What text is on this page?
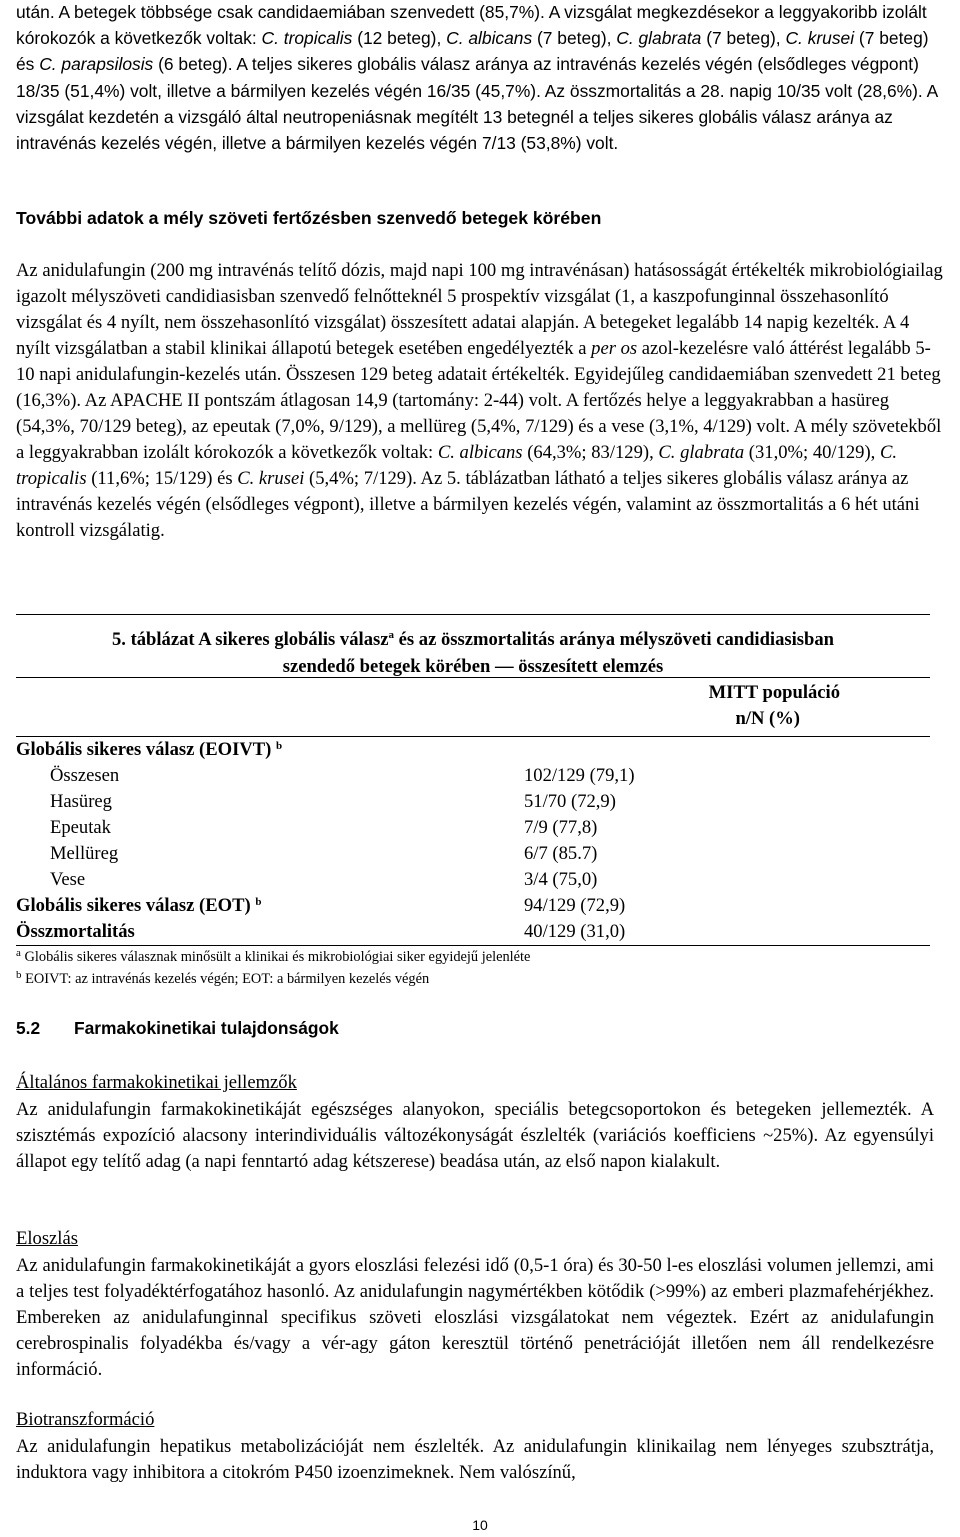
után. A betegek többsége csak candidaemiában szenvedett (85,7%). A vizsgálat megkezdésekor a leggyakoribb izolált kórokozók a következők voltak: C. tropicalis (12 beteg), C. albicans (7 beteg), C. glabrata (7 beteg), C. krusei (7 beteg) és C. parapsilosis (6 beteg). A teljes sikeres globális válasz aránya az intravénás kezelés végén (elsődleges végpont) 18/35 (51,4%) volt, illetve a bármilyen kezelés végén 16/35 (45,7%). Az összmortalitás a 28. napig 10/35 volt (28,6%). A vizsgálat kezdetén a vizsgáló által neutropeniásnak megítélt 13 betegnél a teljes sikeres globális válasz aránya az intravénás kezelés végén, illetve a bármilyen kezelés végén 7/13 (53,8%) volt.

További adatok a mély szöveti fertőzésben szenvedő betegek körében

Az anidulafungin (200 mg intravénás telítő dózis, majd napi 100 mg intravénásan) hatásosságát értékelték mikrobiológiailag igazolt mélyszöveti candidiasisban szenvedő felnőtteknél 5 prospektív vizsgálat (1, a kaszpofunginnal összehasonlító vizsgálat és 4 nyílt, nem összehasonlító vizsgálat) összesített adatai alapján. A betegeket legalább 14 napig kezelték. A 4 nyílt vizsgálatban a stabil klinikai állapotú betegek esetében engedélyezték a per os azol-kezelésre való áttérést legalább 5-10 napi anidulafungin-kezelés után. Összesen 129 beteg adatait értékelték. Egyidejűleg candidaemiában szenvedett 21 beteg (16,3%). Az APACHE II pontszám átlagosan 14,9 (tartomány: 2-44) volt. A fertőzés helye a leggyakrabban a hasüreg (54,3%, 70/129 beteg), az epeutak (7,0%, 9/129), a mellüreg (5,4%, 7/129) és a vese (3,1%, 4/129) volt. A mély szövetekből a leggyakrabban izolált kórokozók a következők voltak: C. albicans (64,3%; 83/129), C. glabrata (31,0%; 40/129), C. tropicalis (11,6%; 15/129) és C. krusei (5,4%; 7/129). Az 5. táblázatban látható a teljes sikeres globális válasz aránya az intravénás kezelés végén (elsődleges végpont), illetve a bármilyen kezelés végén, valamint az összmortalitás a 6 hét utáni kontroll vizsgálatig.

5. táblázat A sikeres globális válasz$^a$ és az összmortalitás aránya mélyszöveti candidiasisban
szendedő betegek körében — összesített elemzés
MITT populáció
n/N (%)
Globális sikeres válasz (EOIVT) $^b$
Összesen	102/129 (79,1)
Hasüreg	51/70 (72,9)
Epeutak	7/9 (77,8)
Mellüreg	6/7 (85.7)
Vese	3/4 (75,0)
Globális sikeres válasz (EOT) $^b$	94/129 (72,9)
Összmortalitás	40/129 (31,0)
$^a$ Globális sikeres válasznak minősült a klinikai és mikrobiológiai siker egyidejű jelenléte
$^b$ EOIVT: az intravénás kezelés végén; EOT: a bármilyen kezelés végén
5.2 Farmakokinetikai tulajdonságok
Általános farmakokinetikai jellemzők

Az anidulafungin farmakokinetikáját egészséges alanyokon, speciális betegcsoportokon és betegeken jellemezték. A szisztémás expozíció alacsony interindividuális változékonyságát észlelték (variációs koefficiens ~25%). Az egyensúlyi állapot egy telítő adag (a napi fenntartó adag kétszerese) beadása után, az első napon kialakult.

Eloszlás

Az anidulafungin farmakokinetikáját a gyors eloszlási felezési idő (0,5-1 óra) és 30-50 l-es eloszlási volumen jellemzi, ami a teljes test folyadéktérfogatához hasonló. Az anidulafungin nagymértékben kötődik (>99%) az emberi plazmafehérjékhez. Embereken az anidulafunginnal specifikus szöveti eloszlási vizsgálatokat nem végeztek. Ezért az anidulafungin cerebrospinalis folyadékba és/vagy a vér-agy gáton keresztül történő penetrációját illetően nem áll rendelkezésre információ.

Biotranszformáció

Az anidulafungin hepatikus metabolizációját nem észlelték. Az anidulafungin klinikailag nem lényeges szubsztrátja, induktora vagy inhibitora a citokróm P450 izoenzimeknek. Nem valószínű,

10
